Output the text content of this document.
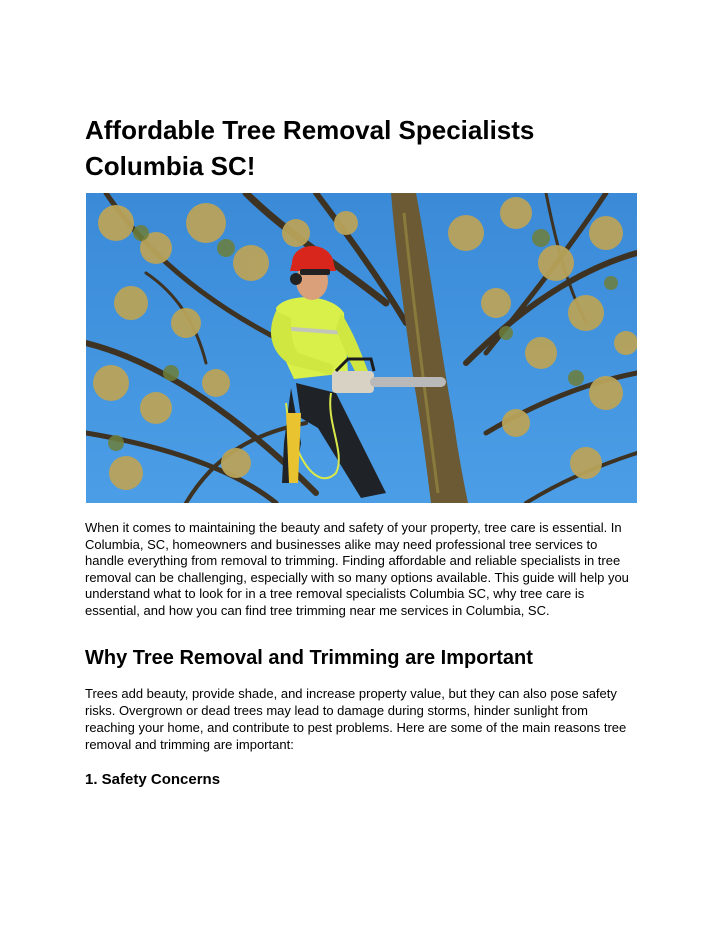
Affordable Tree Removal Specialists Columbia SC!

When it comes to maintaining the beauty and safety of your property, tree care is essential. In Columbia, SC, homeowners and businesses alike may need professional tree services to handle everything from removal to trimming. Finding affordable and reliable specialists in tree removal can be challenging, especially with so many options available. This guide will help you understand what to look for in a tree removal specialists Columbia SC, why tree care is essential, and how you can find tree trimming near me services in Columbia, SC.

Why Tree Removal and Trimming are Important

Trees add beauty, provide shade, and increase property value, but they can also pose safety risks. Overgrown or dead trees may lead to damage during storms, hinder sunlight from reaching your home, and contribute to pest problems. Here are some of the main reasons tree removal and trimming are important:

1. Safety Concerns
